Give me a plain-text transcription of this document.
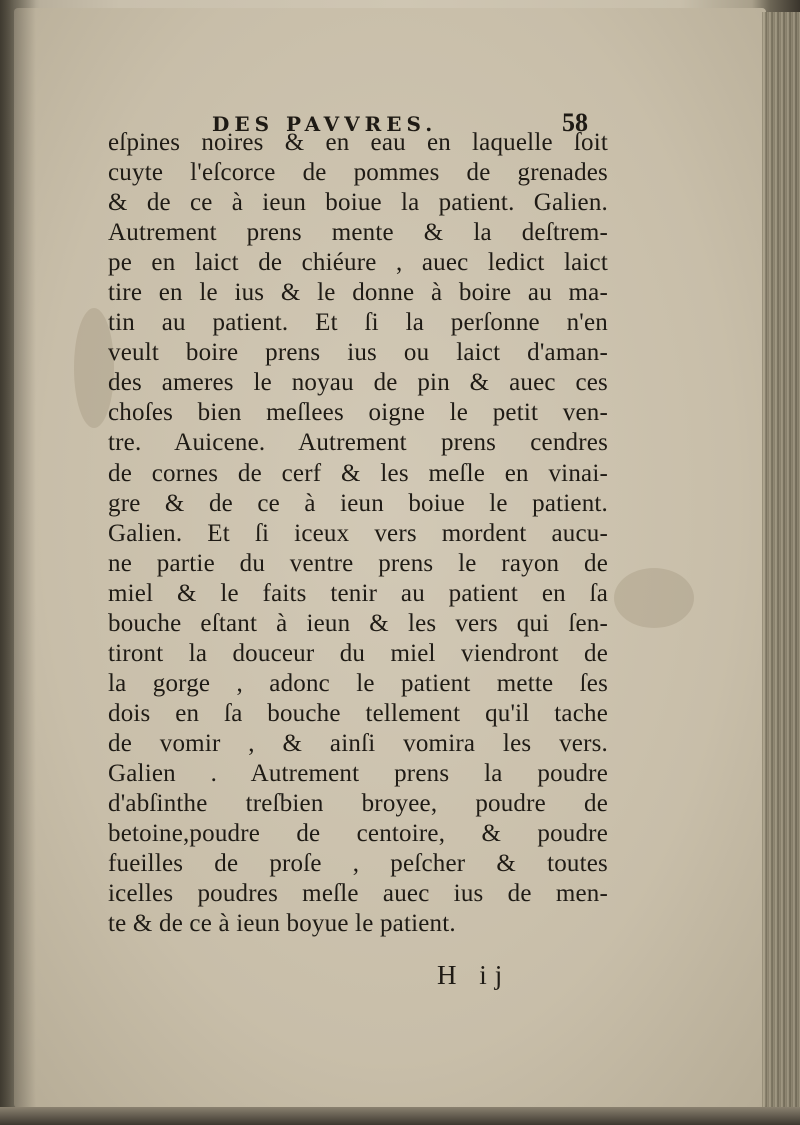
DES PAVVRES.	58
eſpines noires & en eau en laquelle ſoit
cuyte l'eſcorce de pommes de grenades
& de ce à ieun boiue la patient. Galien.
Autrement prens mente & la deſtrem-
pe en laict de chiéure , auec ledict laict
tire en le ius & le donne à boire au ma-
tin au patient. Et ſi la perſonne n'en
veult boire prens ius ou laict d'aman-
des ameres le noyau de pin & auec ces
choſes bien meſlees oigne le petit ven-
tre. Auicene. Autrement prens cendres
de cornes de cerf & les meſle en vinai-
gre & de ce à ieun boiue le patient.
Galien. Et ſi iceux vers mordent aucu-
ne partie du ventre prens le rayon de
miel & le faits tenir au patient en ſa
bouche eſtant à ieun & les vers qui ſen-
tiront la douceur du miel viendront de
la gorge , adonc le patient mette ſes
dois en ſa bouche tellement qu'il tache
de vomir , & ainſi vomira les vers.
Galien . Autrement prens la poudre
d'abſinthe treſbien broyee, poudre de
betoine,poudre de centoire, & poudre
fueilles de proſe , peſcher & toutes
icelles poudres meſle auec ius de men-
te & de ce à ieun boyue le patient.
H ij
